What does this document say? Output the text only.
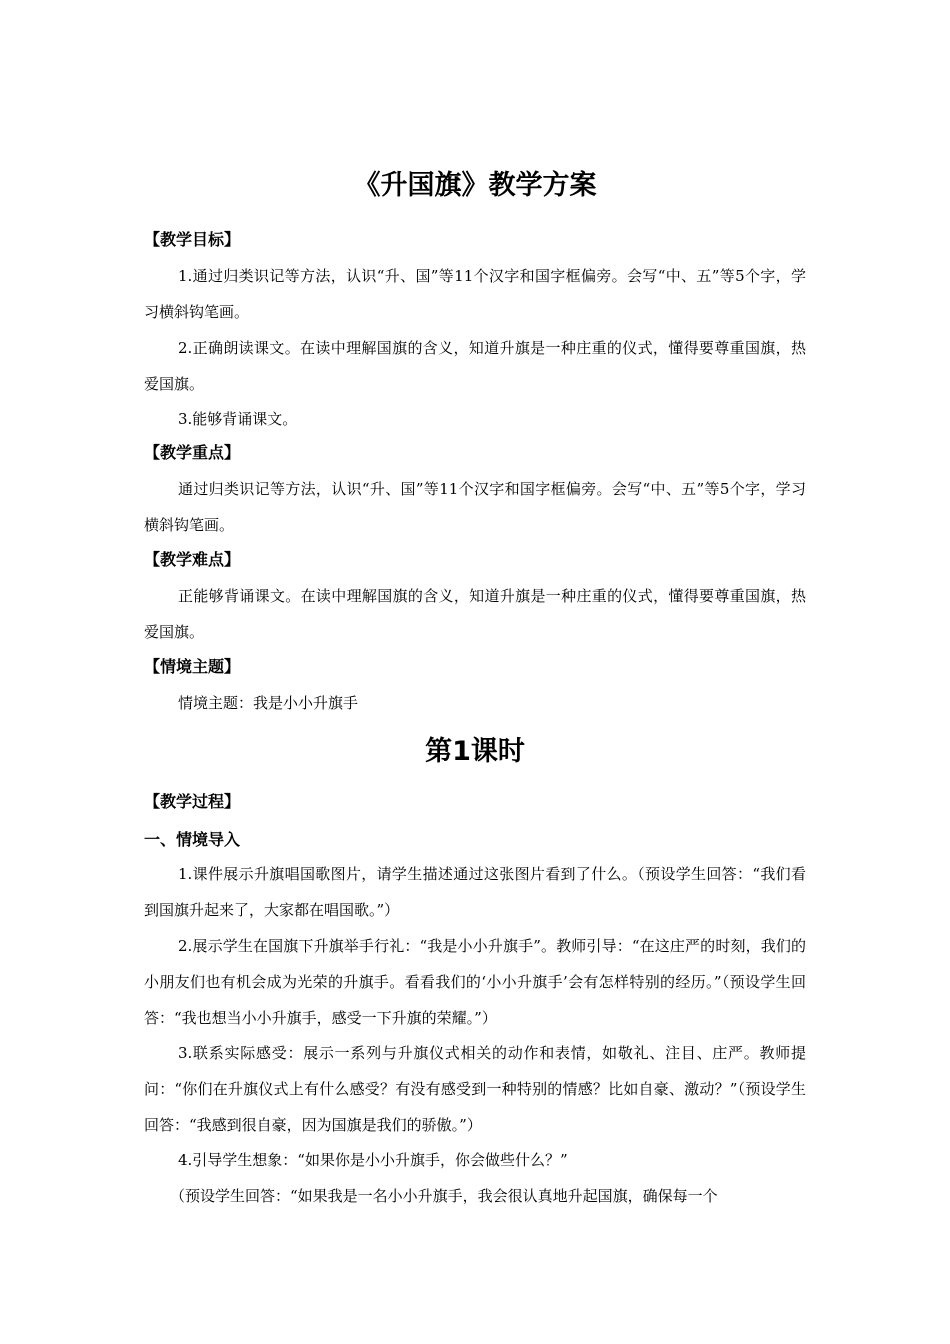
《升国旗》教学方案
【教学目标】

1.通过归类识记等方法，认识“升、国”等11个汉字和国字框偏旁。会写“中、五”等5个字，学习横斜钩笔画。

2.正确朗读课文。在读中理解国旗的含义，知道升旗是一种庄重的仪式，懂得要尊重国旗，热爱国旗。

3.能够背诵课文。

【教学重点】

通过归类识记等方法，认识“升、国”等11个汉字和国字框偏旁。会写“中、五”等5个字，学习横斜钩笔画。

【教学难点】

正能够背诵课文。在读中理解国旗的含义，知道升旗是一种庄重的仪式，懂得要尊重国旗，热爱国旗。

【情境主题】

情境主题：我是小小升旗手

第1课时
【教学过程】
一、情境导入

1.课件展示升旗唱国歌图片，请学生描述通过这张图片看到了什么。（预设学生回答：“我们看到国旗升起来了，大家都在唱国歌。”）

2.展示学生在国旗下升旗举手行礼：“我是小小升旗手”。教师引导：“在这庄严的时刻，我们的小朋友们也有机会成为光荣的升旗手。看看我们的‘小小升旗手’会有怎样特别的经历。”（预设学生回答：“我也想当小小升旗手，感受一下升旗的荣耀。”）

3.联系实际感受：展示一系列与升旗仪式相关的动作和表情，如敬礼、注目、庄严。教师提问：“你们在升旗仪式上有什么感受？有没有感受到一种特别的情感？比如自豪、激动？”（预设学生回答：“我感到很自豪，因为国旗是我们的骄傲。”）

4.引导学生想象：“如果你是小小升旗手，你会做些什么？”

（预设学生回答：“如果我是一名小小升旗手，我会很认真地升起国旗，确保每一个
